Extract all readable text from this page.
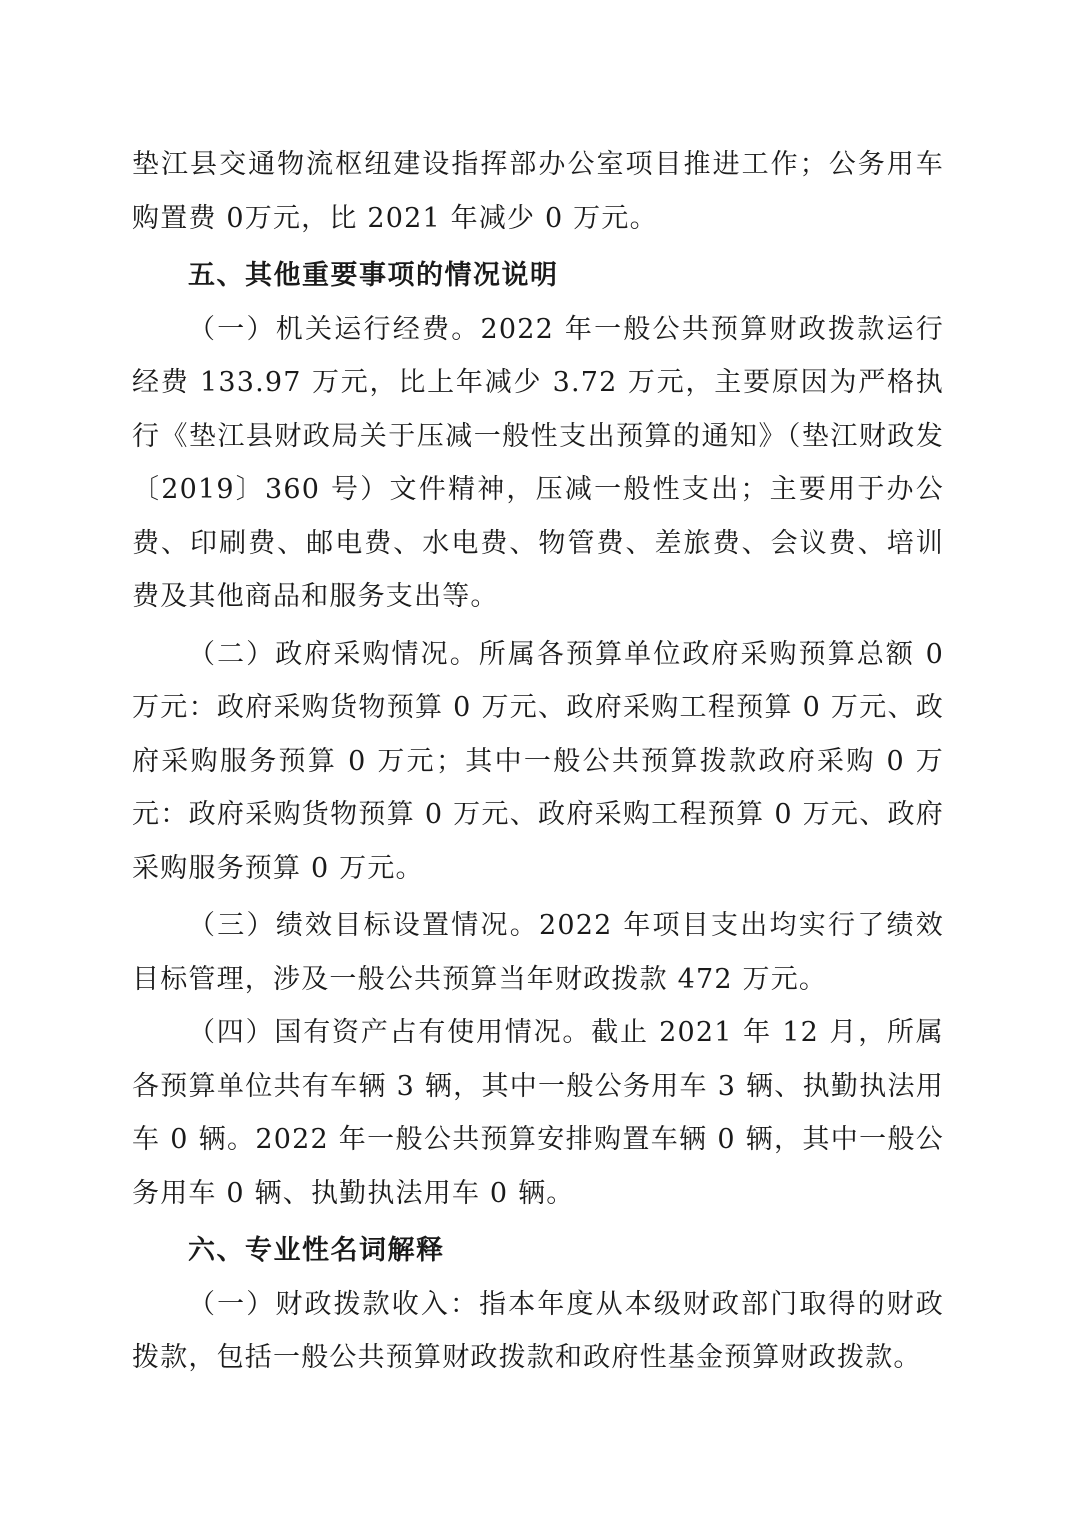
垫江县交通物流枢纽建设指挥部办公室项目推进工作；公务用车购置费 0万元，比 2021 年减少 0 万元。

五、其他重要事项的情况说明

（一）机关运行经费。2022 年一般公共预算财政拨款运行经费 133.97 万元，比上年减少 3.72 万元，主要原因为严格执行《垫江县财政局关于压减一般性支出预算的通知》（垫江财政发〔2019〕360 号）文件精神，压减一般性支出；主要用于办公费、印刷费、邮电费、水电费、物管费、差旅费、会议费、培训费及其他商品和服务支出等。

（二）政府采购情况。所属各预算单位政府采购预算总额 0万元：政府采购货物预算 0 万元、政府采购工程预算 0 万元、政府采购服务预算 0 万元；其中一般公共预算拨款政府采购 0 万元：政府采购货物预算 0 万元、政府采购工程预算 0 万元、政府采购服务预算 0 万元。

（三）绩效目标设置情况。2022 年项目支出均实行了绩效目标管理，涉及一般公共预算当年财政拨款 472 万元。

（四）国有资产占有使用情况。截止 2021 年 12 月，所属各预算单位共有车辆 3 辆，其中一般公务用车 3 辆、执勤执法用车 0 辆。2022 年一般公共预算安排购置车辆 0 辆，其中一般公务用车 0 辆、执勤执法用车 0 辆。

六、专业性名词解释

（一）财政拨款收入：指本年度从本级财政部门取得的财政拨款，包括一般公共预算财政拨款和政府性基金预算财政拨款。
